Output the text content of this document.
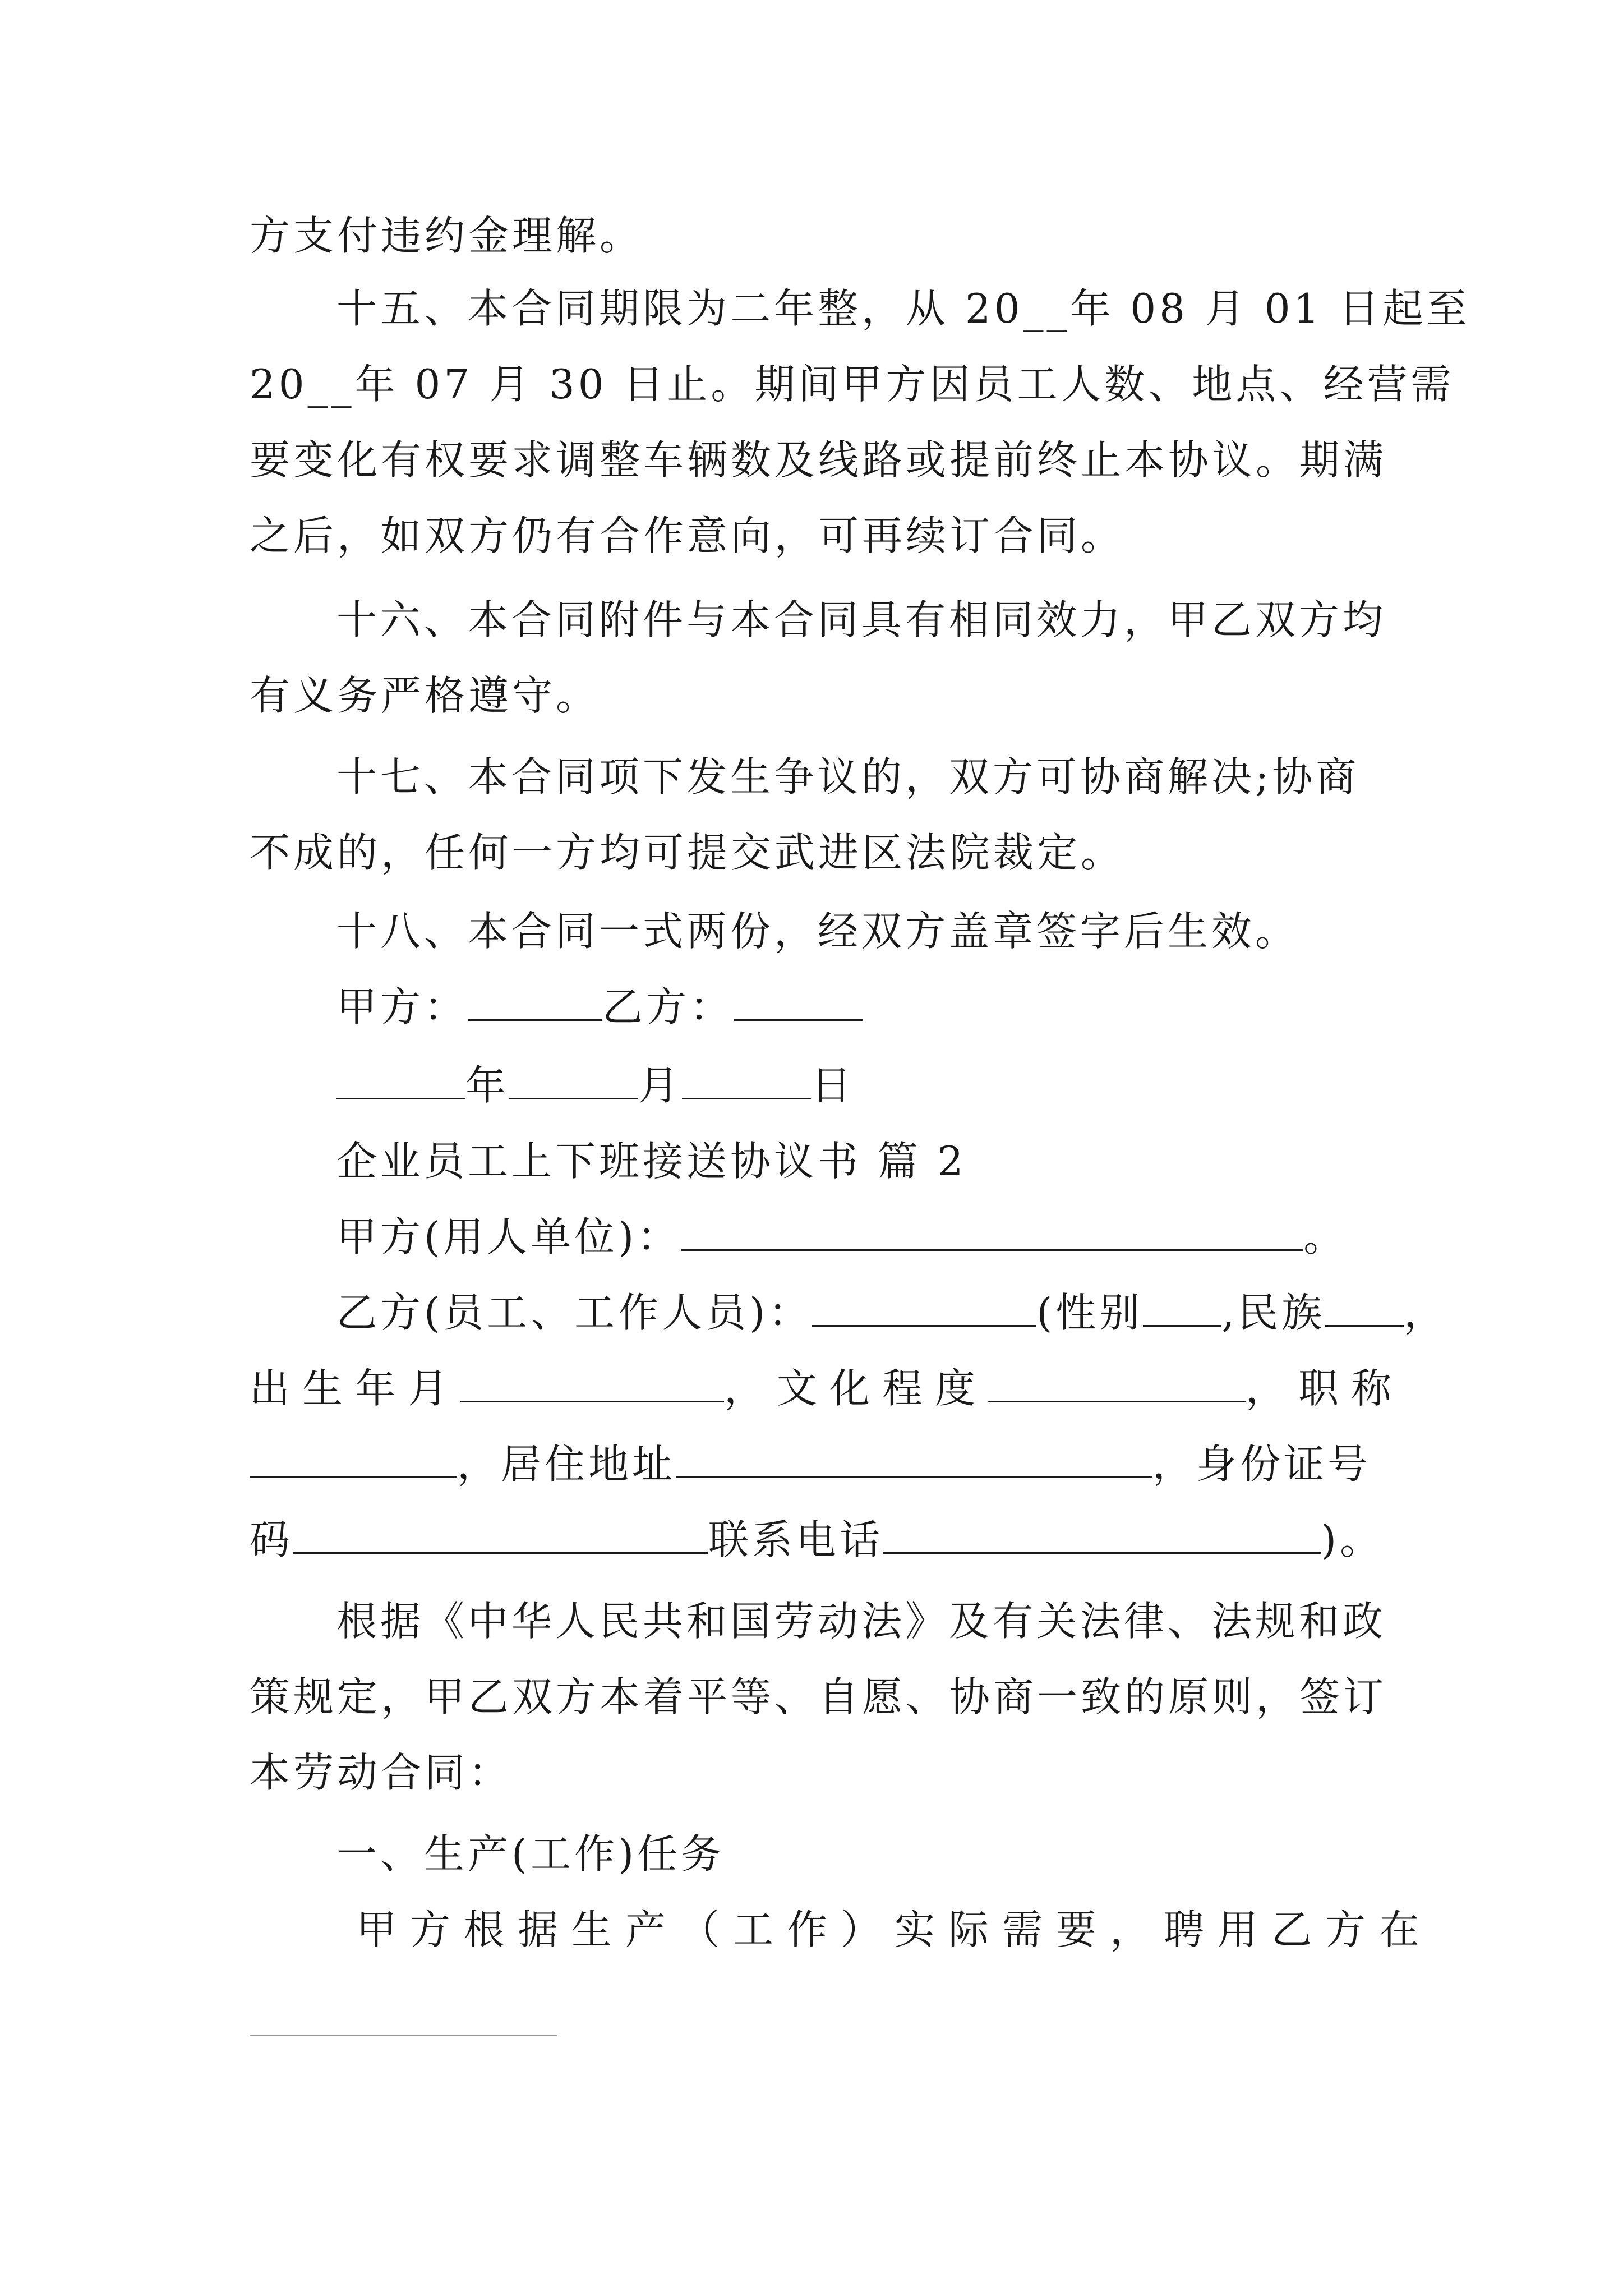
方支付违约金理解。
十五、本合同期限为二年整，从 20__年 08 月 01 日起至
20__年 07 月 30 日止。期间甲方因员工人数、地点、经营需
要变化有权要求调整车辆数及线路或提前终止本协议。期满
之后，如双方仍有合作意向，可再续订合同。
十六、本合同附件与本合同具有相同效力，甲乙双方均
有义务严格遵守。
十七、本合同项下发生争议的，双方可协商解决;协商
不成的，任何一方均可提交武进区法院裁定。
十八、本合同一式两份，经双方盖章签字后生效。
甲方：	乙方：
年	月	日
企业员工上下班接送协议书 篇 2
甲方(用人单位)：	。
乙方(员工、工作人员)：	(性别 ,民族 ，
出生年月	，文化程度	，职称
，居住地址	，身份证号
码	联系电话	)。
根据《中华人民共和国劳动法》及有关法律、法规和政
策规定，甲乙双方本着平等、自愿、协商一致的原则，签订
本劳动合同：
一、生产(工作)任务
甲方根据生产（工作）实际需要，聘用乙方在
